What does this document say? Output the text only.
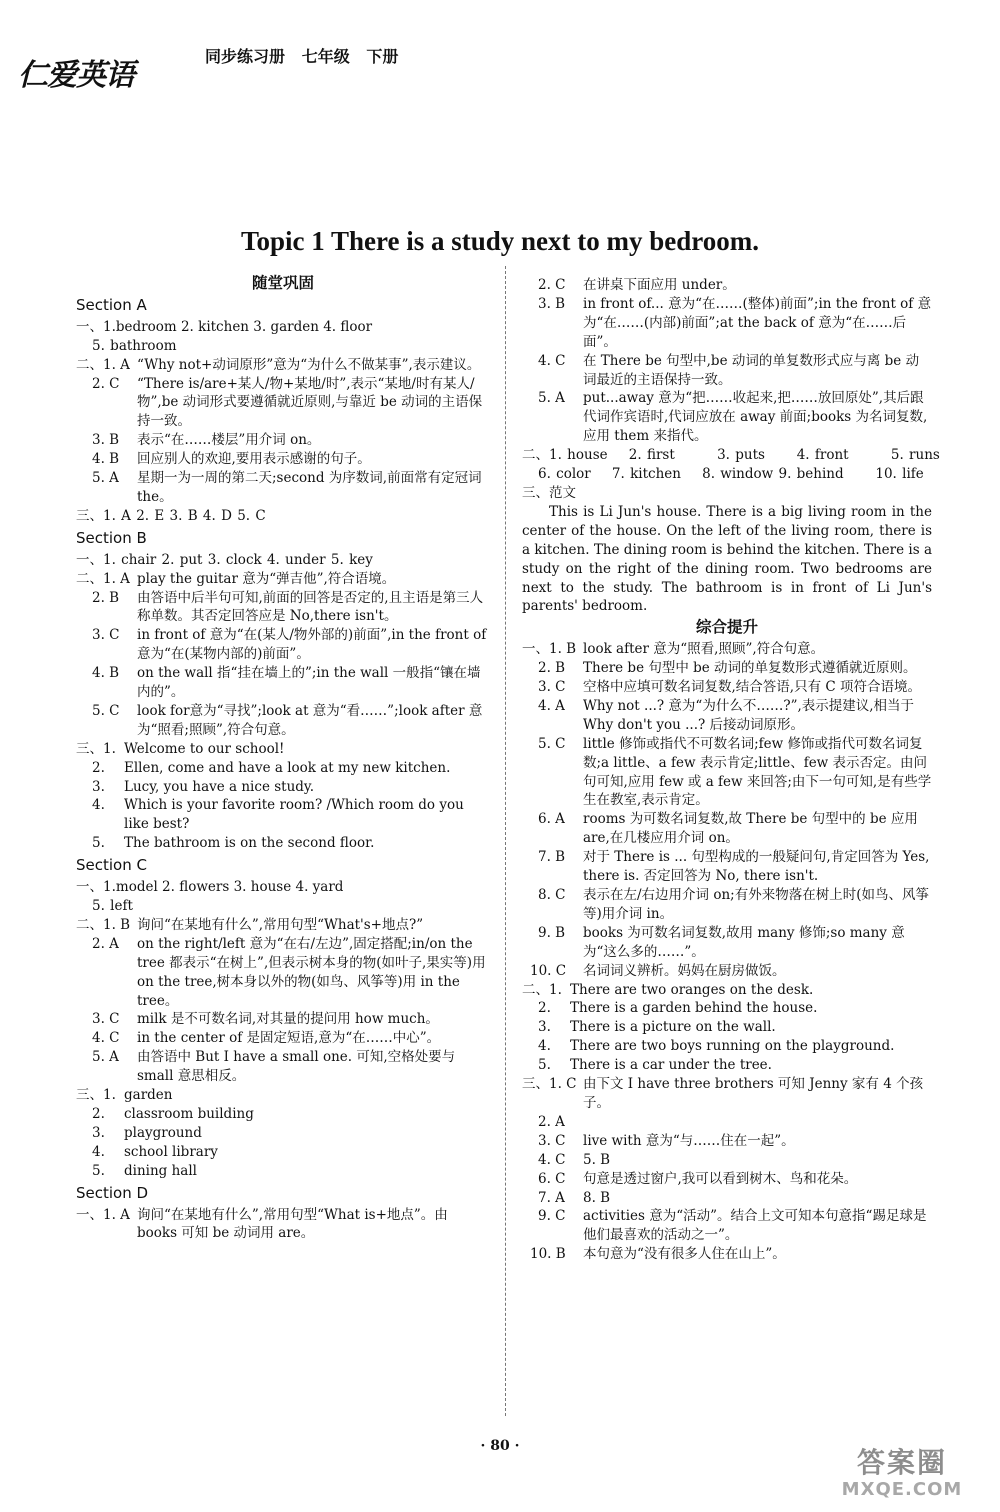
仁爱英语
同步练习册   七年级   下册
Topic 1 There is a study next to my bedroom.
随堂巩固
Section A
一、1. bedroom 2. kitchen 3. garden 4. floor
5. bathroom
二、1. A “Why not+动词原形”意为“为什么不做某事”,表示建议。
2. C	“There is/are+某人/物+某地/时”,表示“某地/时有某人/物”,be 动词形式要遵循就近原则,与靠近 be 动词的主语保持一致。
3. B	表示“在……楼层”用介词 on。
4. B	回应别人的欢迎,要用表示感谢的句子。
5. A	星期一为一周的第二天;second 为序数词,前面常有定冠词 the。
三、1. A 2. E 3. B 4. D 5. C
Section B
一、1. chair 2. put 3. clock 4. under 5. key
二、1. A play the guitar 意为“弹吉他”,符合语境。
2. B	由答语中后半句可知,前面的回答是否定的,且主语是第三人称单数。其否定回答应是 No,there isn't。
3. C	in front of 意为“在(某人/物外部的)前面”,in the front of 意为“在(某物内部的)前面”。
4. B	on the wall 指“挂在墙上的”;in the wall 一般指“镶在墙内的”。
5. C	look for意为“寻找”;look at 意为“看……”;look after 意为“照看;照顾”,符合句意。
三、1. Welcome to our school!
2.	Ellen, come and have a look at my new kitchen.
3.	Lucy, you have a nice study.
4.	Which is your favorite room? /Which room do you like best?
5.	The bathroom is on the second floor.
Section C
一、1. model 2. flowers 3. house 4. yard
5. left
二、1. B 询问“在某地有什么”,常用句型“What's+地点?”
2. A	on the right/left 意为“在右/左边”,固定搭配;in/on the tree 都表示“在树上”,但表示树本身的物(如叶子,果实等)用 on the tree,树本身以外的物(如鸟、风筝等)用 in the tree。
3. C	milk 是不可数名词,对其量的提问用 how much。
4. C	in the center of 是固定短语,意为“在……中心”。
5. A	由答语中 But I have a small one. 可知,空格处要与 small 意思相反。
三、1. garden
2.	classroom building
3.	playground
4.	school library
5.	dining hall
Section D
一、1. A 询问“在某地有什么”,常用句型“What is+地点”。由 books 可知 be 动词用 are。
2. C	在讲桌下面应用 under。
3. B	in front of... 意为“在……(整体)前面”;in the front of 意为“在……(内部)前面”;at the back of 意为“在……后面”。
4. C	在 There be 句型中,be 动词的单复数形式应与离 be 动词最近的主语保持一致。
5. A	put...away 意为“把……收起来,把……放回原处”,其后跟代词作宾语时,代词应放在 away 前面;books 为名词复数,应用 them 来指代。
二、1. house    2. first        3. puts      4. front        5. runs
6. color    7. kitchen    8. window 9. behind      10. life
三、范文
This is Li Jun's house. There is a big living room in the center of the house. On the left of the living room, there is a kitchen. The dining room is behind the kitchen. There is a study on the right of the dining room. Two bedrooms are next to the study. The bathroom is in front of Li Jun's parents' bedroom.
综合提升
一、1. B look after 意为“照看,照顾”,符合句意。
2. B	There be 句型中 be 动词的单复数形式遵循就近原则。
3. C	空格中应填可数名词复数,结合答语,只有 C 项符合语境。
4. A	Why not ...? 意为“为什么不……?”,表示提建议,相当于 Why don't you ...? 后接动词原形。
5. C	little 修饰或指代不可数名词;few 修饰或指代可数名词复数;a little、a few 表示肯定;little、few 表示否定。由问句可知,应用 few 或 a few 来回答;由下一句可知,是有些学生在教室,表示肯定。
6. A	rooms 为可数名词复数,故 There be 句型中的 be 应用 are,在几楼应用介词 on。
7. B	对于 There is ... 句型构成的一般疑问句,肯定回答为 Yes, there is. 否定回答为 No, there isn't.
8. C	表示在左/右边用介词 on;有外来物落在树上时(如鸟、风筝等)用介词 in。
9. B	books 为可数名词复数,故用 many 修饰;so many 意为“这么多的……”。
10. C	名词词义辨析。妈妈在厨房做饭。
二、1. There are two oranges on the desk.
2.	There is a garden behind the house.
3.	There is a picture on the wall.
4.	There are two boys running on the playground.
5.	There is a car under the tree.
三、1. C 由下文 I have three brothers 可知 Jenny 家有 4 个孩子。
2. A
3. C	live with 意为“与……住在一起”。
4. C	5. B
6. C	句意是透过窗户,我可以看到树木、鸟和花朵。
7. A	8. B
9. C	activities 意为“活动”。结合上文可知本句意指“踢足球是他们最喜欢的活动之一”。
10. B	本句意为“没有很多人住在山上”。
· 80 ·	答案圈
MXQE.COM
